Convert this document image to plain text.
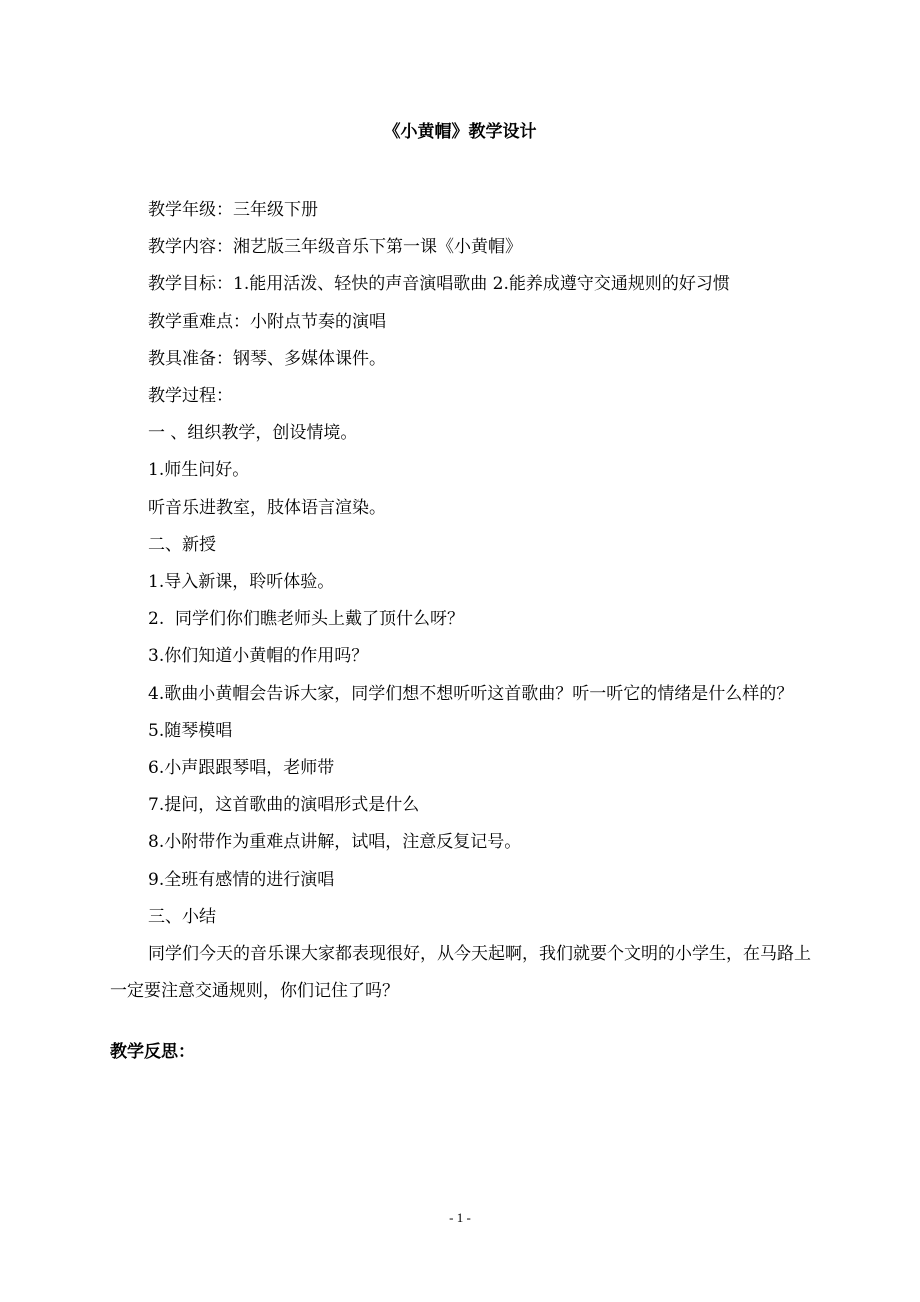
《小黄帽》教学设计

教学年级：三年级下册

教学内容：湘艺版三年级音乐下第一课《小黄帽》

教学目标：1.能用活泼、轻快的声音演唱歌曲 2.能养成遵守交通规则的好习惯

教学重难点：小附点节奏的演唱

教具准备：钢琴、多媒体课件。

教学过程：

一 、组织教学，创设情境。

1.师生问好。

听音乐进教室，肢体语言渲染。

二、新授

1.导入新课，聆听体验。

2.  同学们你们瞧老师头上戴了顶什么呀？

3.你们知道小黄帽的作用吗？

4.歌曲小黄帽会告诉大家，同学们想不想听听这首歌曲？听一听它的情绪是什么样的？

5.随琴模唱

6.小声跟跟琴唱，老师带

7.提问，这首歌曲的演唱形式是什么

8.小附带作为重难点讲解，试唱，注意反复记号。

9.全班有感情的进行演唱

三、小结

同学们今天的音乐课大家都表现很好，从今天起啊，我们就要个文明的小学生，在马路上一定要注意交通规则，你们记住了吗？

教学反思：
- 1 -
